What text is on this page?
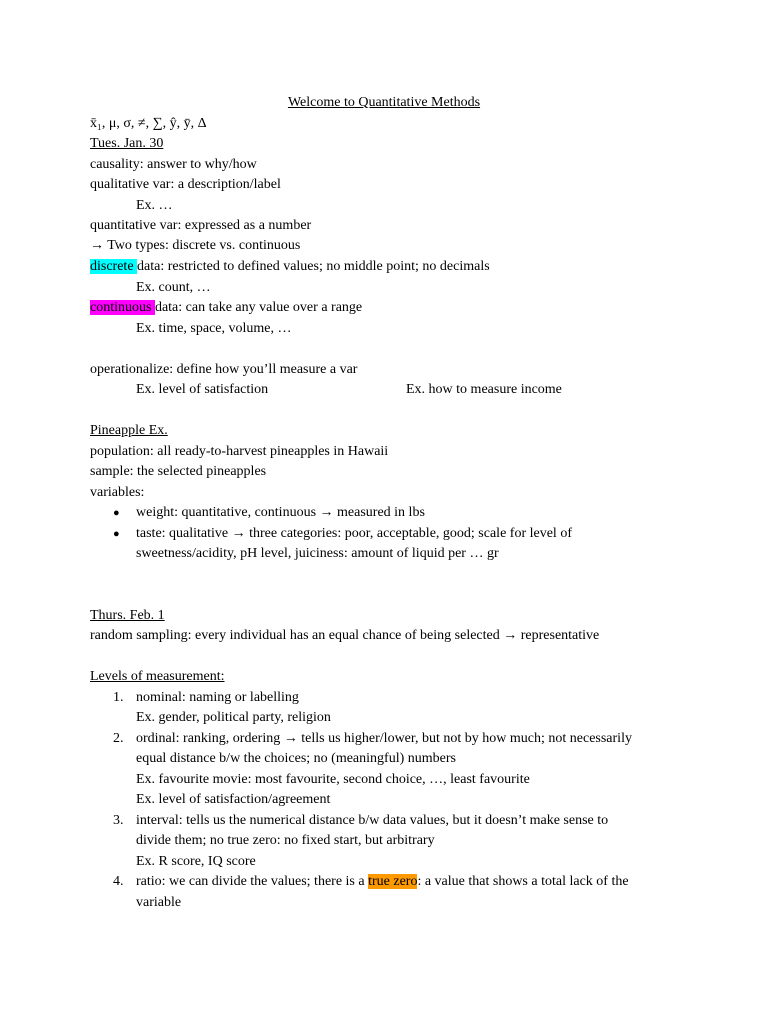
Welcome to Quantitative Methods
x̄₁, μ, σ, ≠, ∑, ŷ, ȳ, Δ
Tues. Jan. 30
causality: answer to why/how
qualitative var: a description/label
Ex. …
quantitative var: expressed as a number
→ Two types: discrete vs. continuous
discrete data: restricted to defined values; no middle point; no decimals
Ex. count, …
continuous data: can take any value over a range
Ex. time, space, volume, …
operationalize: define how you’ll measure a var
Ex. level of satisfaction	Ex. how to measure income
Pineapple Ex.
population: all ready-to-harvest pineapples in Hawaii
sample: the selected pineapples
variables:
● weight: quantitative, continuous → measured in lbs
● taste: qualitative → three categories: poor, acceptable, good; scale for level of
sweetness/acidity, pH level, juiciness: amount of liquid per … gr
Thurs. Feb. 1
random sampling: every individual has an equal chance of being selected → representative
Levels of measurement:
1. nominal: naming or labelling
Ex. gender, political party, religion
2. ordinal: ranking, ordering → tells us higher/lower, but not by how much; not necessarily
equal distance b/w the choices; no (meaningful) numbers
Ex. favourite movie: most favourite, second choice, …, least favourite
Ex. level of satisfaction/agreement
3. interval: tells us the numerical distance b/w data values, but it doesn’t make sense to
divide them; no true zero: no fixed start, but arbitrary
Ex. R score, IQ score
4. ratio: we can divide the values; there is a true zero: a value that shows a total lack of the
variable
